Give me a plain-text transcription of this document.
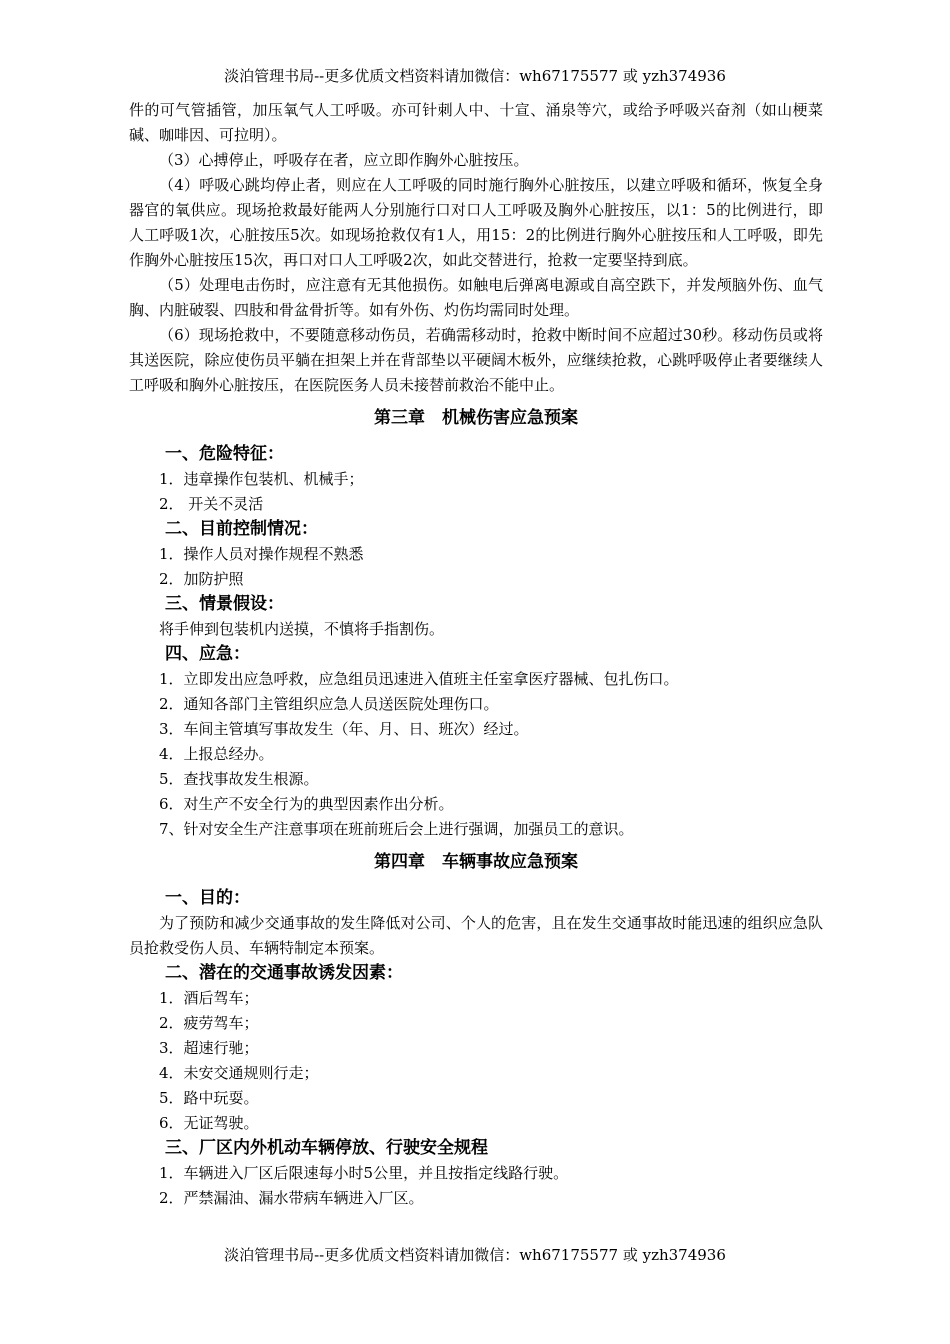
淡泊管理书局--更多优质文档资料请加微信：wh67175577 或 yzh374936

件的可气管插管，加压氧气人工呼吸。亦可针刺人中、十宣、涌泉等穴，或给予呼吸兴奋剂（如山梗菜碱、咖啡因、可拉明）。

（3）心搏停止，呼吸存在者，应立即作胸外心脏按压。

（4）呼吸心跳均停止者，则应在人工呼吸的同时施行胸外心脏按压，以建立呼吸和循环，恢复全身器官的氧供应。现场抢救最好能两人分别施行口对口人工呼吸及胸外心脏按压，以1：5的比例进行，即人工呼吸1次，心脏按压5次。如现场抢救仅有1人，用15：2的比例进行胸外心脏按压和人工呼吸，即先作胸外心脏按压15次，再口对口人工呼吸2次，如此交替进行，抢救一定要坚持到底。

（5）处理电击伤时，应注意有无其他损伤。如触电后弹离电源或自高空跌下，并发颅脑外伤、血气胸、内脏破裂、四肢和骨盆骨折等。如有外伤、灼伤均需同时处理。

（6）现场抢救中，不要随意移动伤员，若确需移动时，抢救中断时间不应超过30秒。移动伤员或将其送医院，除应使伤员平躺在担架上并在背部垫以平硬阔木板外，应继续抢救，心跳呼吸停止者要继续人工呼吸和胸外心脏按压，在医院医务人员未接替前救治不能中止。

第三章　机械伤害应急预案
一、危险特征：
1．违章操作包装机、机械手；
2． 开关不灵活
二、目前控制情况：
1．操作人员对操作规程不熟悉
2．加防护照
三、情景假设：
将手伸到包装机内送摸，不慎将手指割伤。
四、应急：
1．立即发出应急呼救，应急组员迅速进入值班主任室拿医疗器械、包扎伤口。
2．通知各部门主管组织应急人员送医院处理伤口。
3．车间主管填写事故发生（年、月、日、班次）经过。
4．上报总经办。
5．查找事故发生根源。
6．对生产不安全行为的典型因素作出分析。
7、针对安全生产注意事项在班前班后会上进行强调，加强员工的意识。
第四章　车辆事故应急预案
一、目的：

为了预防和减少交通事故的发生降低对公司、个人的危害，且在发生交通事故时能迅速的组织应急队员抢救受伤人员、车辆特制定本预案。

二、潜在的交通事故诱发因素：
1．酒后驾车；
2．疲劳驾车；
3．超速行驰；
4．未安交通规则行走；
5．路中玩耍。
6．无证驾驶。
三、厂区内外机动车辆停放、行驶安全规程
1．车辆进入厂区后限速每小时5公里，并且按指定线路行驶。
2．严禁漏油、漏水带病车辆进入厂区。
淡泊管理书局--更多优质文档资料请加微信：wh67175577 或 yzh374936
